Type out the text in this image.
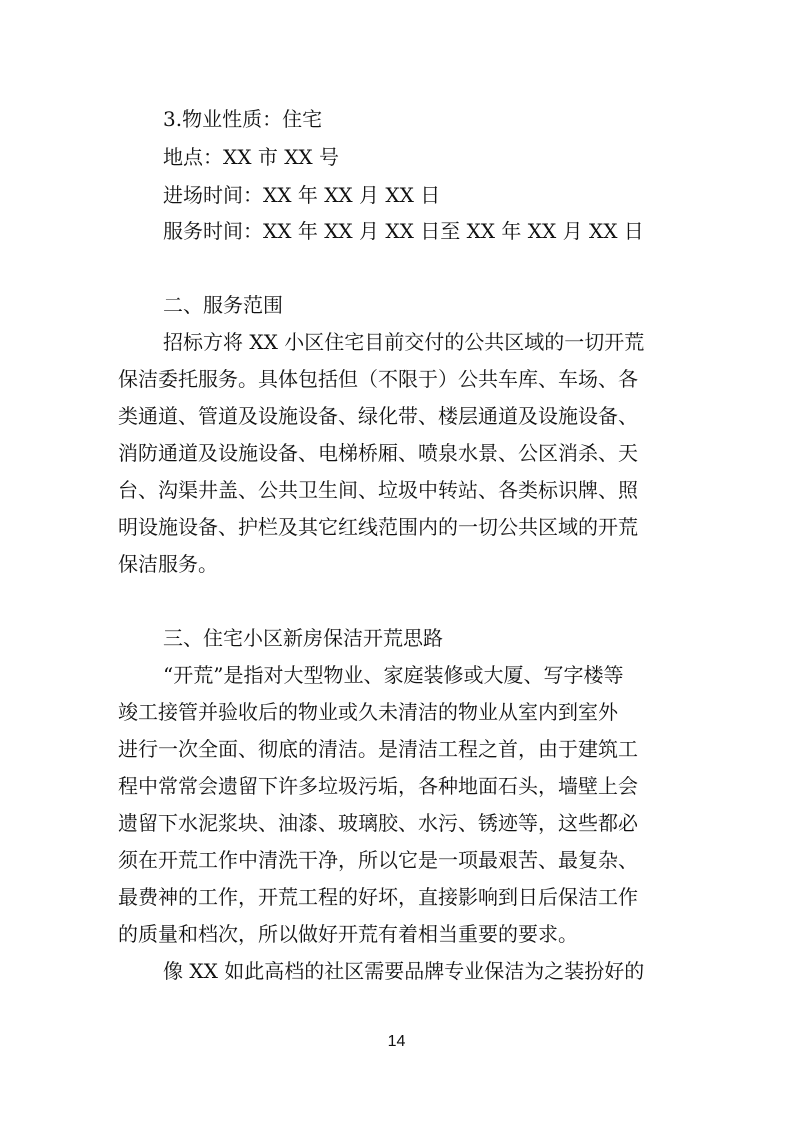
3.物业性质：住宅
地点：XX 市 XX 号
进场时间：XX 年 XX 月 XX 日
服务时间：XX 年 XX 月 XX 日至 XX 年 XX 月 XX 日
二、服务范围
招标方将 XX 小区住宅目前交付的公共区域的一切开荒
保洁委托服务。具体包括但（不限于）公共车库、车场、各
类通道、管道及设施设备、绿化带、楼层通道及设施设备、
消防通道及设施设备、电梯桥厢、喷泉水景、公区消杀、天
台、沟渠井盖、公共卫生间、垃圾中转站、各类标识牌、照
明设施设备、护栏及其它红线范围内的一切公共区域的开荒
保洁服务。
三、住宅小区新房保洁开荒思路
“开荒”是指对大型物业、家庭装修或大厦、写字楼等
竣工接管并验收后的物业或久未清洁的物业从室内到室外
进行一次全面、彻底的清洁。是清洁工程之首，由于建筑工
程中常常会遗留下许多垃圾污垢，各种地面石头，墙壁上会
遗留下水泥浆块、油漆、玻璃胶、水污、锈迹等，这些都必
须在开荒工作中清洗干净，所以它是一项最艰苦、最复杂、
最费神的工作，开荒工程的好坏，直接影响到日后保洁工作
的质量和档次，所以做好开荒有着相当重要的要求。
像 XX 如此高档的社区需要品牌专业保洁为之装扮好的
14
